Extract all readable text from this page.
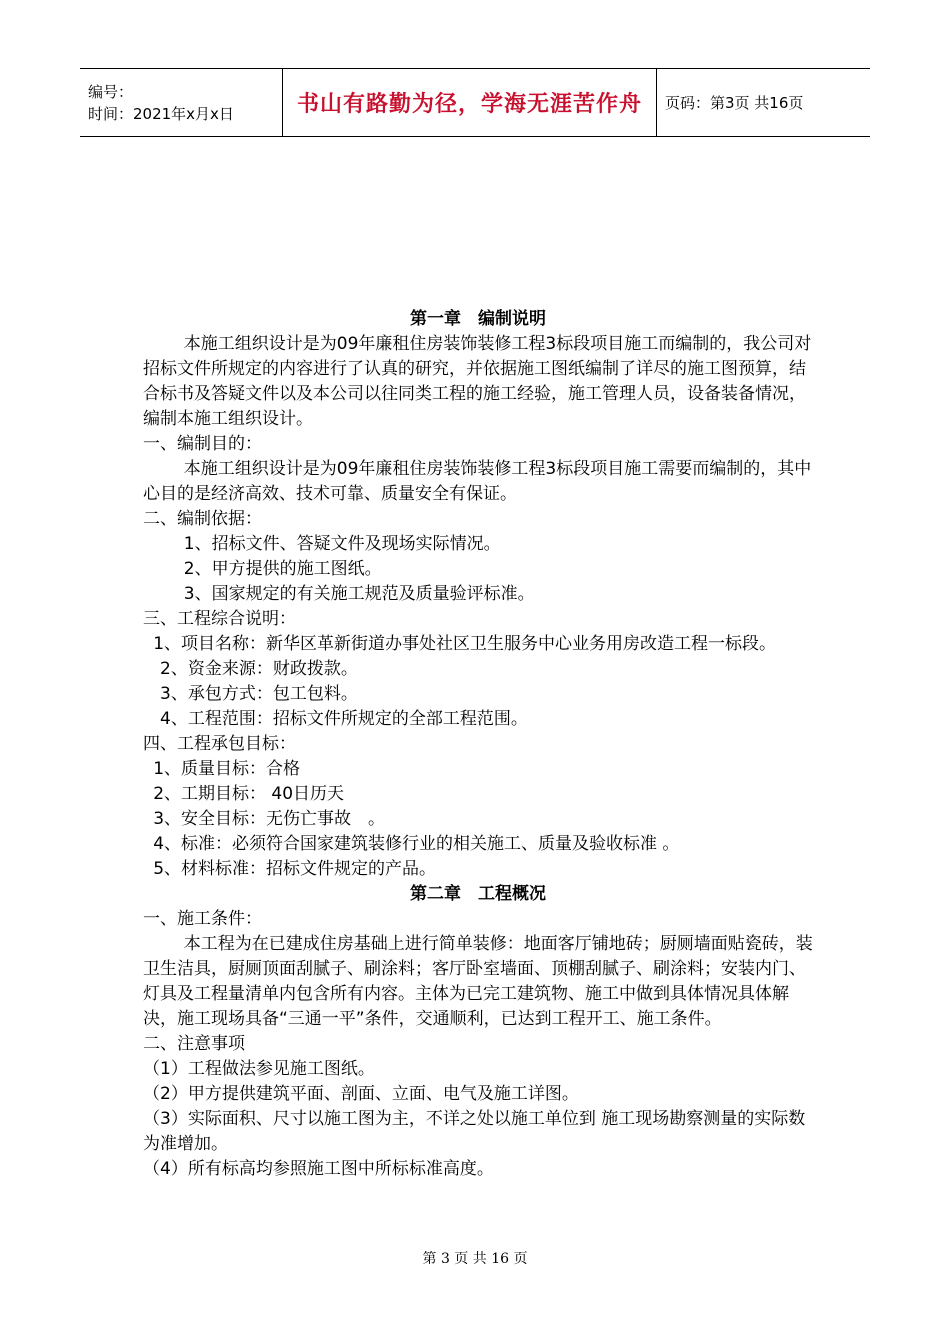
编号：
时间：2021年x月x日	书山有路勤为径，学海无涯苦作舟 页码：第3页 共16页

第一章　编制说明

本施工组织设计是为09年廉租住房装饰装修工程3标段项目施工而编制的，我公司对招标文件所规定的内容进行了认真的研究，并依据施工图纸编制了详尽的施工图预算，结合标书及答疑文件以及本公司以往同类工程的施工经验，施工管理人员，设备装备情况，编制本施工组织设计。

一、编制目的：

本施工组织设计是为09年廉租住房装饰装修工程3标段项目施工需要而编制的，其中心目的是经济高效、技术可靠、质量安全有保证。

二、编制依据：

1、招标文件、答疑文件及现场实际情况。

2、甲方提供的施工图纸。

3、国家规定的有关施工规范及质量验评标准。

三、工程综合说明：

1、项目名称：新华区革新街道办事处社区卫生服务中心业务用房改造工程一标段。

2、资金来源：财政拨款。

3、承包方式：包工包料。

4、工程范围：招标文件所规定的全部工程范围。

四、工程承包目标：

1、质量目标：合格

2、工期目标： 40日历天

3、安全目标：无伤亡事故　。

4、标准：必须符合国家建筑装修行业的相关施工、质量及验收标准 。

5、材料标准：招标文件规定的产品。

第二章　工程概况

一、施工条件：

本工程为在已建成住房基础上进行简单装修：地面客厅铺地砖；厨厕墙面贴瓷砖，装卫生洁具，厨厕顶面刮腻子、刷涂料；客厅卧室墙面、顶棚刮腻子、刷涂料；安装内门、灯具及工程量清单内包含所有内容。主体为已完工建筑物、施工中做到具体情况具体解决，施工现场具备“三通一平”条件，交通顺利，已达到工程开工、施工条件。

二、注意事项

（1）工程做法参见施工图纸。

（2）甲方提供建筑平面、剖面、立面、电气及施工详图。

（3）实际面积、尺寸以施工图为主，不详之处以施工单位到 施工现场勘察测量的实际数为准增加。

（4）所有标高均参照施工图中所标标准高度。

第 3 页 共 16 页
